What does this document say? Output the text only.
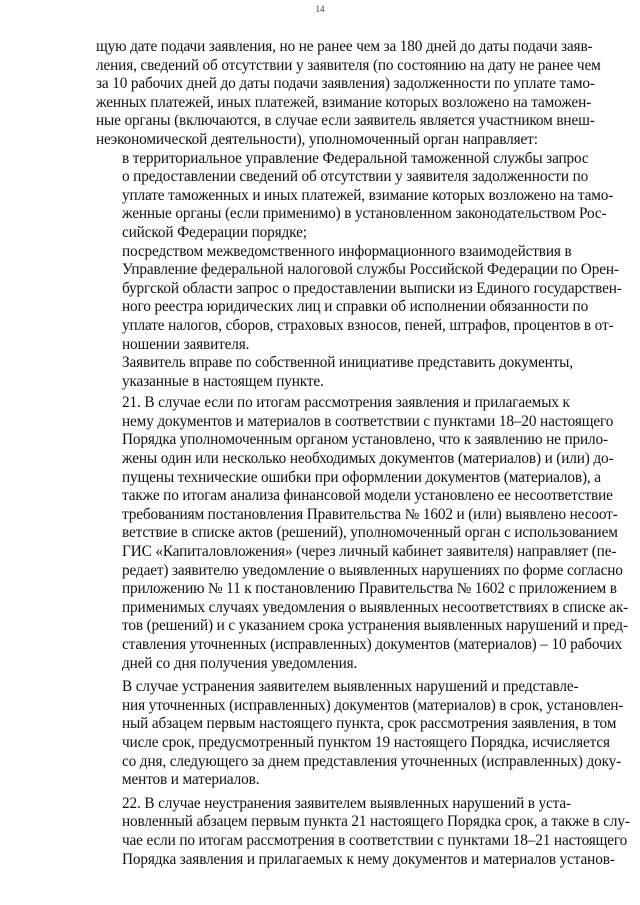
14

щую дате подачи заявления, но не ранее чем за 180 дней до даты подачи заяв-
ления, сведений об отсутствии у заявителя (по состоянию на дату не ранее чем
за 10 рабочих дней до даты подачи заявления) задолженности по уплате тамо-
женных платежей, иных платежей, взимание которых возложено на таможен-
ные органы (включаются, в случае если заявитель является участником внеш-
неэкономической деятельности), уполномоченный орган направляет:

в территориальное управление Федеральной таможенной службы запрос
о предоставлении сведений об отсутствии у заявителя задолженности по
уплате таможенных и иных платежей, взимание которых возложено на тамо-
женные органы (если применимо) в установленном законодательством Рос-
сийской Федерации порядке;

посредством межведомственного информационного взаимодействия в
Управление федеральной налоговой службы Российской Федерации по Орен-
бургской области запрос о предоставлении выписки из Единого государствен-
ного реестра юридических лиц и справки об исполнении обязанности по
уплате налогов, сборов, страховых взносов, пеней, штрафов, процентов в от-
ношении заявителя.

Заявитель вправе по собственной инициативе представить документы,
указанные в настоящем пункте.

21. В случае если по итогам рассмотрения заявления и прилагаемых к
нему документов и материалов в соответствии с пунктами 18–20 настоящего
Порядка уполномоченным органом установлено, что к заявлению не прило-
жены один или несколько необходимых документов (материалов) и (или) до-
пущены технические ошибки при оформлении документов (материалов), а
также по итогам анализа финансовой модели установлено ее несоответствие
требованиям постановления Правительства № 1602 и (или) выявлено несоот-
ветствие в списке актов (решений), уполномоченный орган с использованием
ГИС «Капиталовложения» (через личный кабинет заявителя) направляет (пе-
редает) заявителю уведомление о выявленных нарушениях по форме согласно
приложению № 11 к постановлению Правительства № 1602 с приложением в
применимых случаях уведомления о выявленных несоответствиях в списке ак-
тов (решений) и с указанием срока устранения выявленных нарушений и пред-
ставления уточненных (исправленных) документов (материалов) – 10 рабочих
дней со дня получения уведомления.

В случае устранения заявителем выявленных нарушений и представле-
ния уточненных (исправленных) документов (материалов) в срок, установлен-
ный абзацем первым настоящего пункта, срок рассмотрения заявления, в том
числе срок, предусмотренный пунктом 19 настоящего Порядка, исчисляется
со дня, следующего за днем представления уточненных (исправленных) доку-
ментов и материалов.

22. В случае неустранения заявителем выявленных нарушений в уста-
новленный абзацем первым пункта 21 настоящего Порядка срок, а также в слу-
чае если по итогам рассмотрения в соответствии с пунктами 18–21 настоящего
Порядка заявления и прилагаемых к нему документов и материалов установ-
